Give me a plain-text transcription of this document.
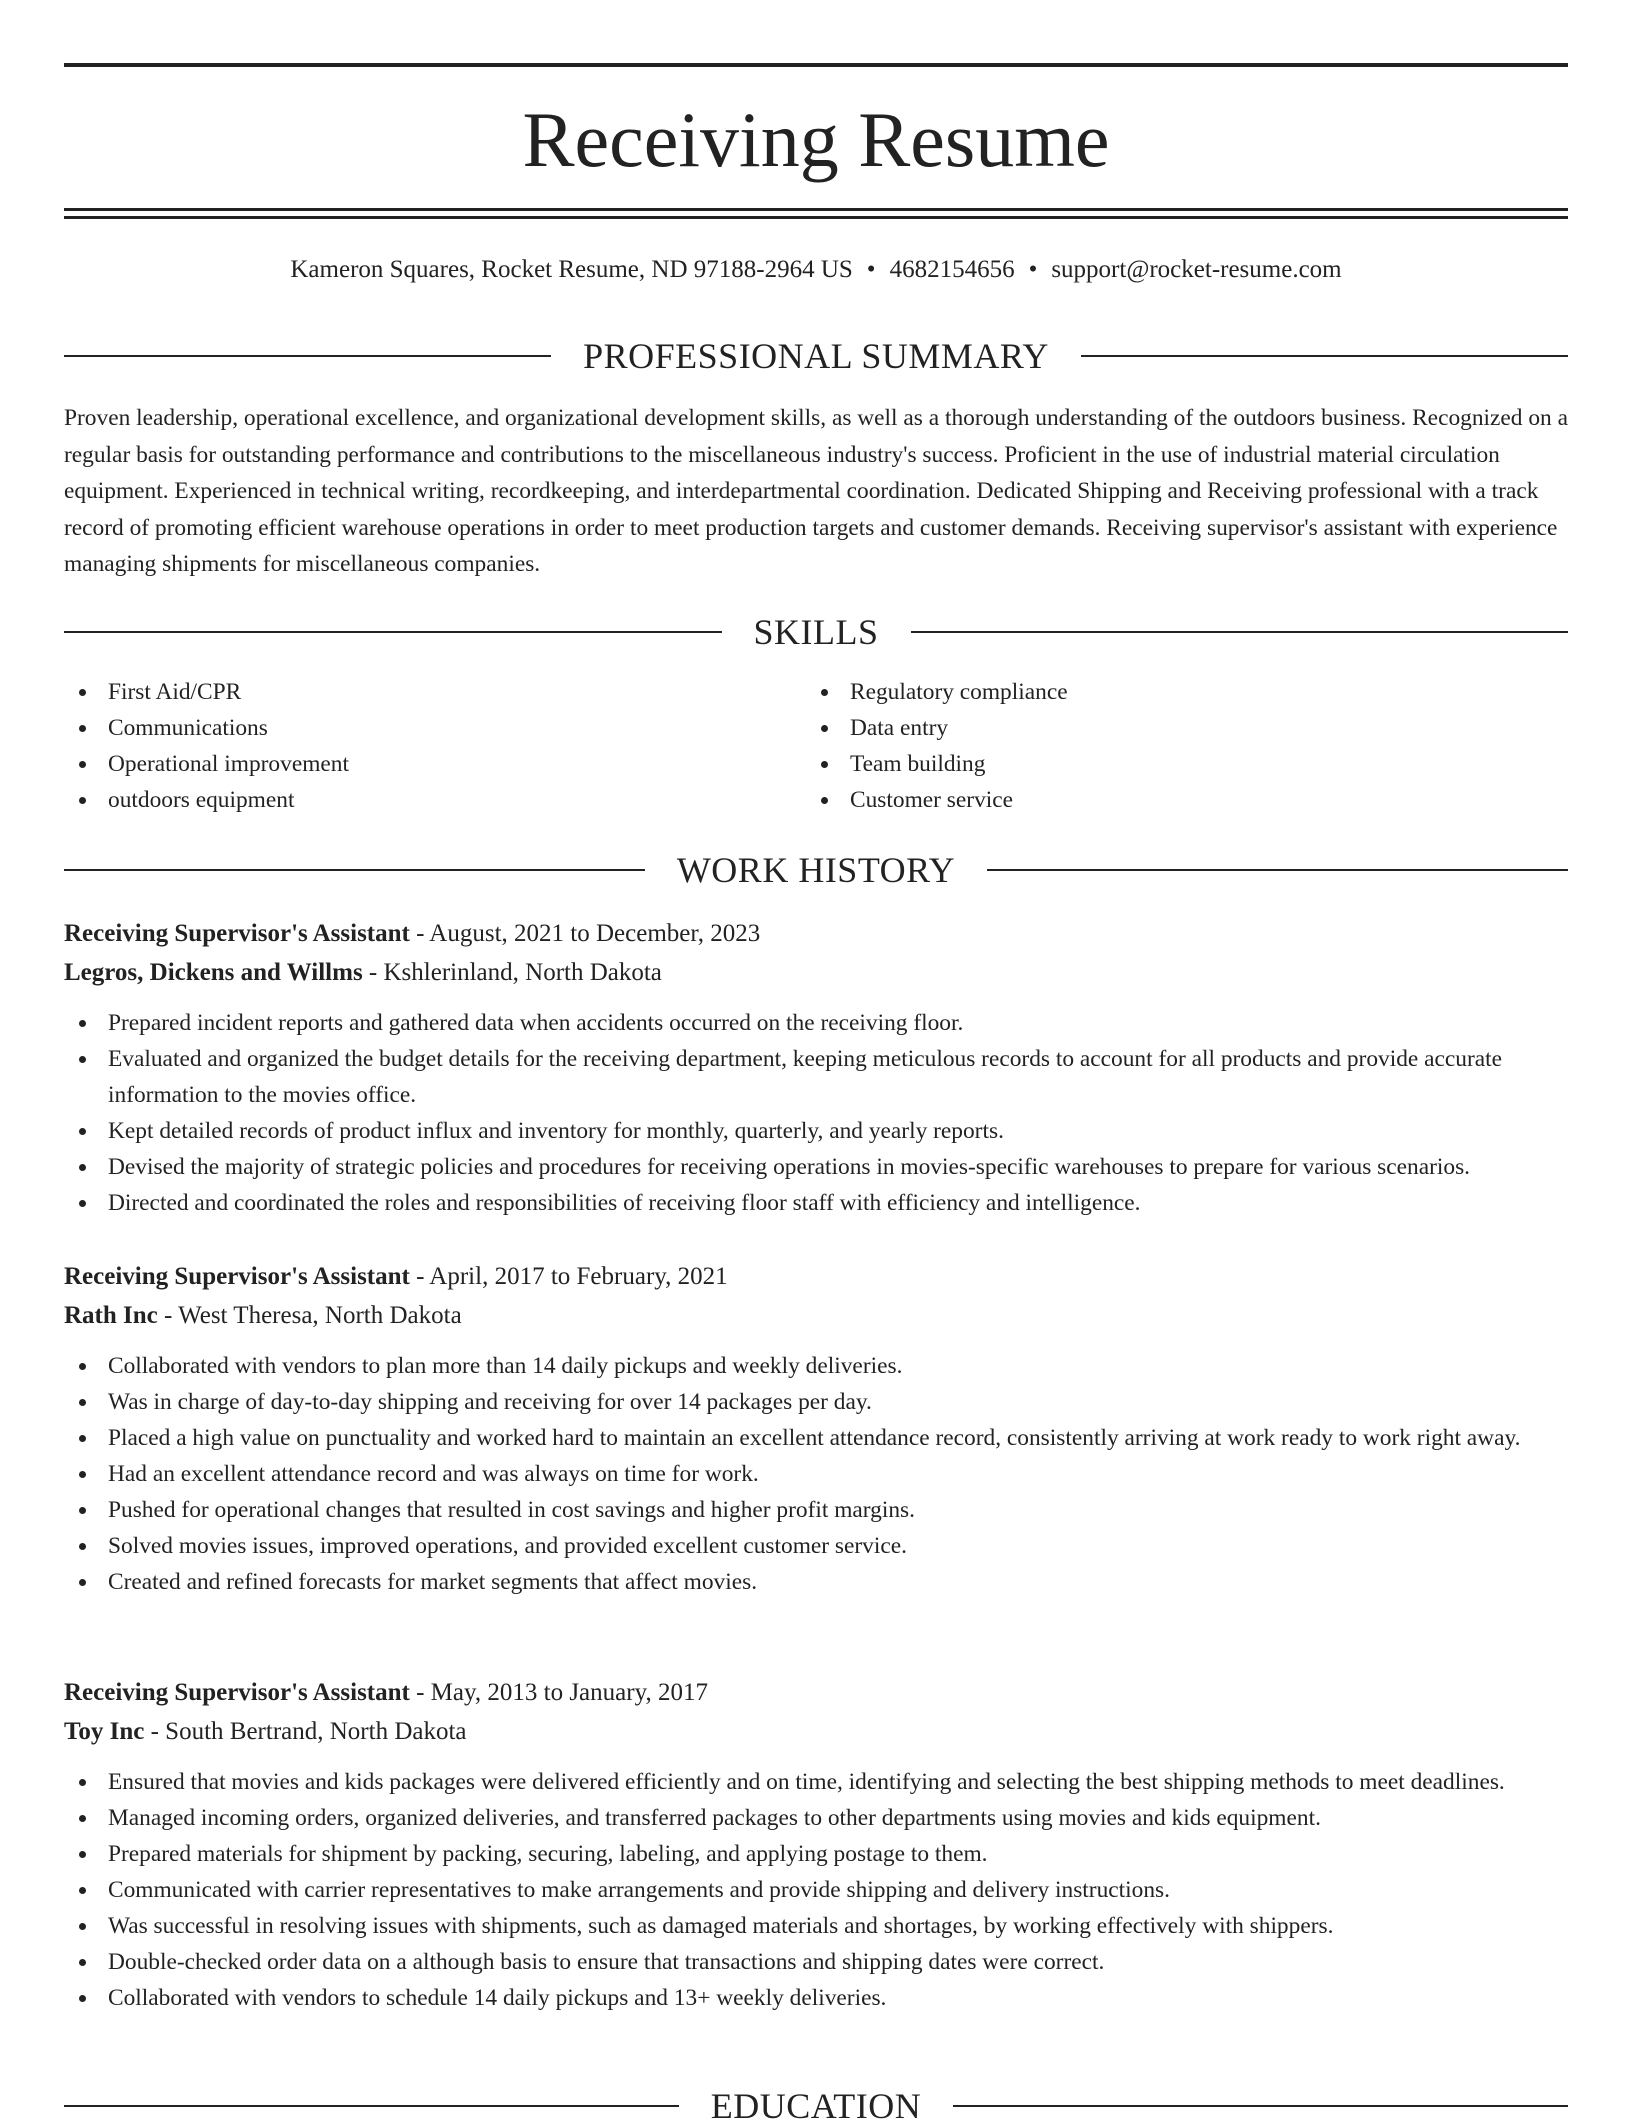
Receiving Resume
Kameron Squares, Rocket Resume, ND 97188-2964 US • 4682154656 • support@rocket-resume.com
PROFESSIONAL SUMMARY

Proven leadership, operational excellence, and organizational development skills, as well as a thorough understanding of the outdoors business. Recognized on a regular basis for outstanding performance and contributions to the miscellaneous industry's success. Proficient in the use of industrial material circulation equipment. Experienced in technical writing, recordkeeping, and interdepartmental coordination. Dedicated Shipping and Receiving professional with a track record of promoting efficient warehouse operations in order to meet production targets and customer demands. Receiving supervisor's assistant with experience managing shipments for miscellaneous companies.

SKILLS
First Aid/CPR
Communications
Operational improvement
outdoors equipment
Regulatory compliance
Data entry
Team building
Customer service
WORK HISTORY
Receiving Supervisor's Assistant - August, 2021 to December, 2023
Legros, Dickens and Willms - Kshlerinland, North Dakota
Prepared incident reports and gathered data when accidents occurred on the receiving floor.
Evaluated and organized the budget details for the receiving department, keeping meticulous records to account for all products and provide accurate information to the movies office.
Kept detailed records of product influx and inventory for monthly, quarterly, and yearly reports.
Devised the majority of strategic policies and procedures for receiving operations in movies-specific warehouses to prepare for various scenarios.
Directed and coordinated the roles and responsibilities of receiving floor staff with efficiency and intelligence.
Receiving Supervisor's Assistant - April, 2017 to February, 2021
Rath Inc - West Theresa, North Dakota
Collaborated with vendors to plan more than 14 daily pickups and weekly deliveries.
Was in charge of day-to-day shipping and receiving for over 14 packages per day.
Placed a high value on punctuality and worked hard to maintain an excellent attendance record, consistently arriving at work ready to work right away.
Had an excellent attendance record and was always on time for work.
Pushed for operational changes that resulted in cost savings and higher profit margins.
Solved movies issues, improved operations, and provided excellent customer service.
Created and refined forecasts for market segments that affect movies.
Receiving Supervisor's Assistant - May, 2013 to January, 2017
Toy Inc - South Bertrand, North Dakota
Ensured that movies and kids packages were delivered efficiently and on time, identifying and selecting the best shipping methods to meet deadlines.
Managed incoming orders, organized deliveries, and transferred packages to other departments using movies and kids equipment.
Prepared materials for shipment by packing, securing, labeling, and applying postage to them.
Communicated with carrier representatives to make arrangements and provide shipping and delivery instructions.
Was successful in resolving issues with shipments, such as damaged materials and shortages, by working effectively with shippers.
Double-checked order data on a although basis to ensure that transactions and shipping dates were correct.
Collaborated with vendors to schedule 14 daily pickups and 13+ weekly deliveries.
EDUCATION
